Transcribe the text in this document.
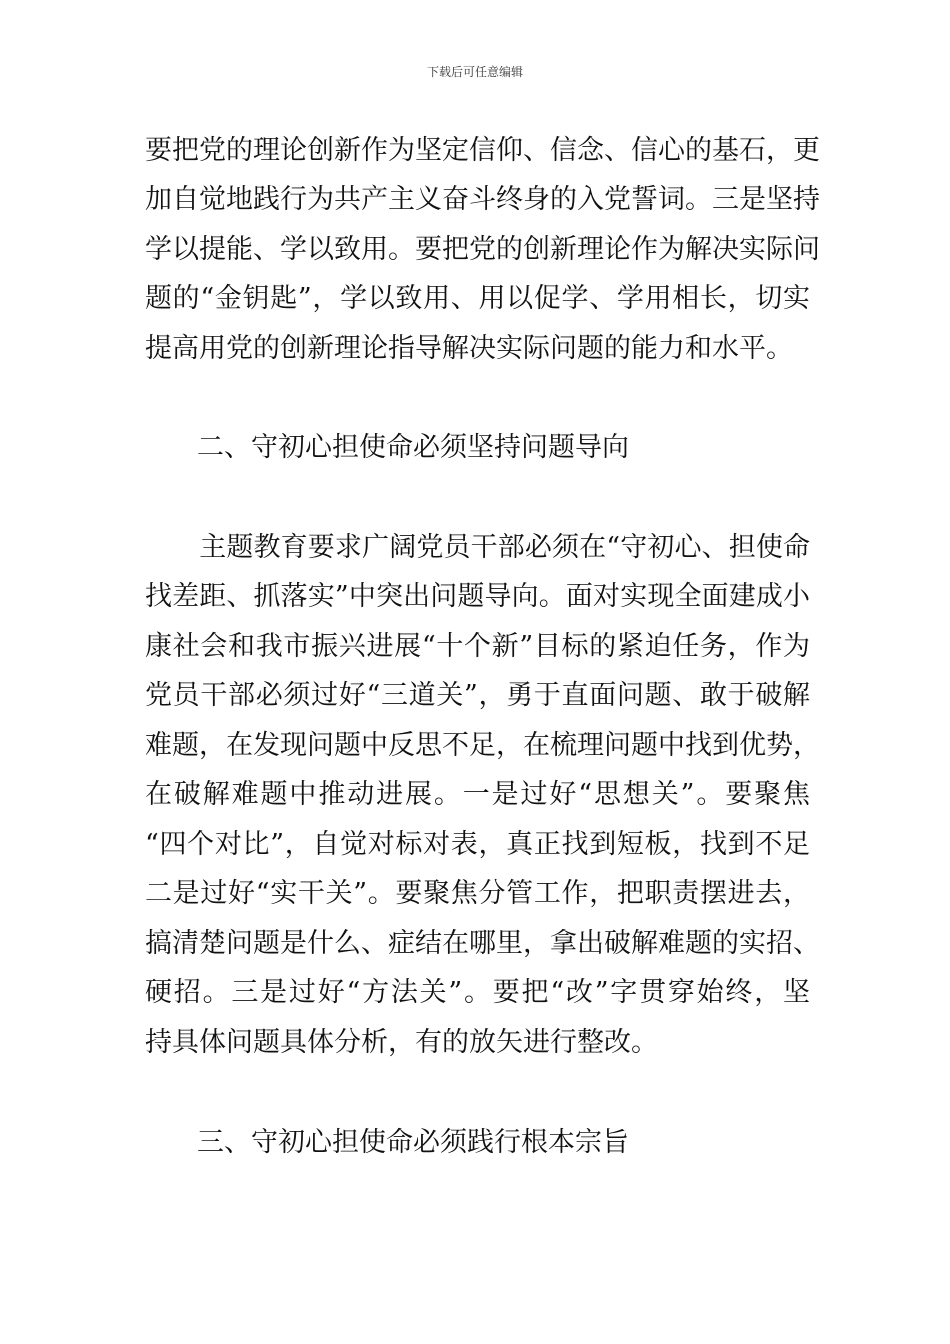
下载后可任意编辑
要把党的理论创新作为坚定信仰、信念、信心的基石，更
加自觉地践行为共产主义奋斗终身的入党誓词。三是坚持
学以提能、学以致用。要把党的创新理论作为解决实际问
题的“金钥匙”，学以致用、用以促学、学用相长，切实
提高用党的创新理论指导解决实际问题的能力和水平。
二、守初心担使命必须坚持问题导向
　　主题教育要求广阔党员干部必须在“守初心、担使命
找差距、抓落实”中突出问题导向。面对实现全面建成小
康社会和我市振兴进展“十个新”目标的紧迫任务，作为
党员干部必须过好“三道关”，勇于直面问题、敢于破解
难题，在发现问题中反思不足，在梳理问题中找到优势，
在破解难题中推动进展。一是过好“思想关”。要聚焦
“四个对比”，自觉对标对表，真正找到短板，找到不足
二是过好“实干关”。要聚焦分管工作，把职责摆进去，
搞清楚问题是什么、症结在哪里，拿出破解难题的实招、
硬招。三是过好“方法关”。要把“改”字贯穿始终，坚
持具体问题具体分析，有的放矢进行整改。
三、守初心担使命必须践行根本宗旨
